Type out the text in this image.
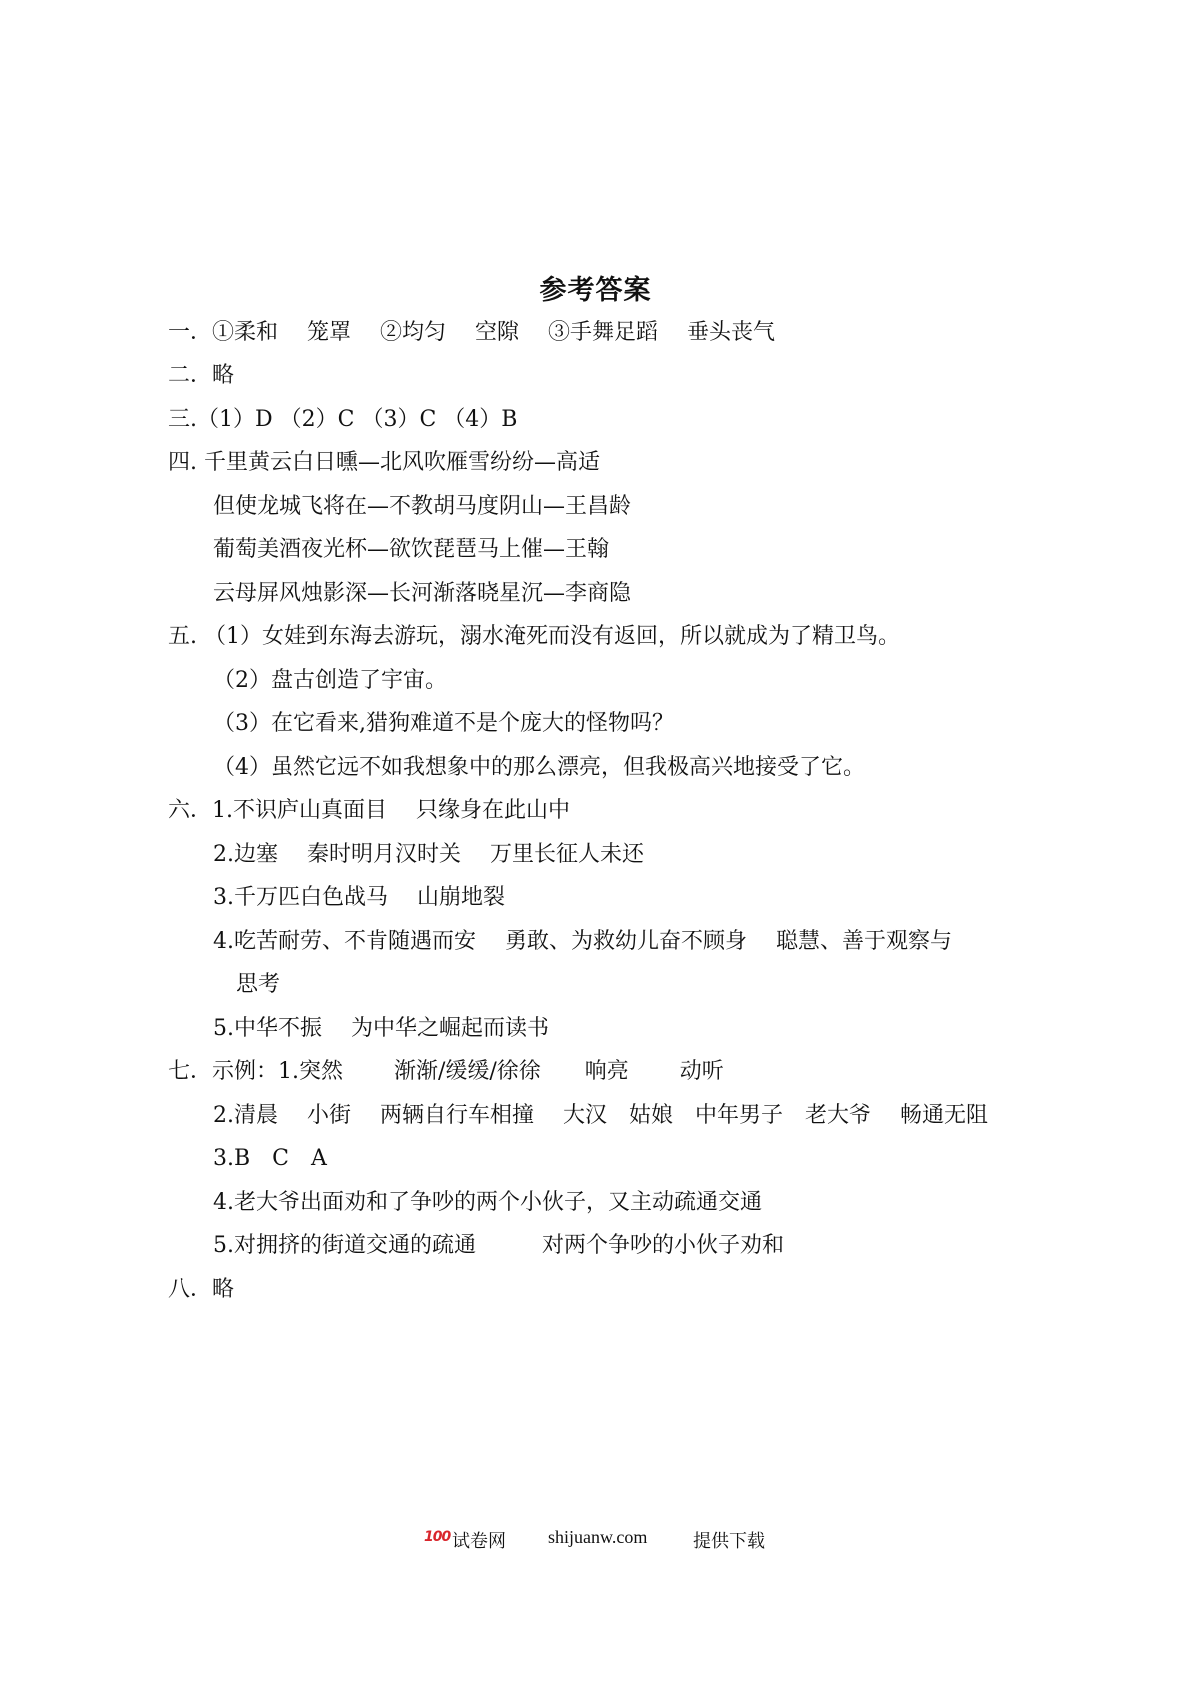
参考答案
一．①柔和　 笼罩　 ②均匀　 空隙　 ③手舞足蹈　 垂头丧气
二．略
三.（1）D （2）C （3）C （4）B
四. 千里黄云白日曛—北风吹雁雪纷纷—高适
但使龙城飞将在—不教胡马度阴山—王昌龄
葡萄美酒夜光杯—欲饮琵琶马上催—王翰
云母屏风烛影深—长河渐落晓星沉—李商隐
五. （1）女娃到东海去游玩，溺水淹死而没有返回，所以就成为了精卫鸟。
（2）盘古创造了宇宙。
（3）在它看来,猎狗难道不是个庞大的怪物吗？
（4）虽然它远不如我想象中的那么漂亮，但我极高兴地接受了它。
六．1.不识庐山真面目　 只缘身在此山中
2.边塞　 秦时明月汉时关　 万里长征人未还
3.千万匹白色战马　 山崩地裂
4.吃苦耐劳、不肯随遇而安　 勇敢、为救幼儿奋不顾身　 聪慧、善于观察与
思考
5.中华不振　 为中华之崛起而读书
七．示例：1.突然　　 渐渐/缓缓/徐徐　　响亮　　 动听
2.清晨　 小街　 两辆自行车相撞　 大汉　姑娘　中年男子　老大爷　 畅通无阻
3.B　C　A
4.老大爷出面劝和了争吵的两个小伙子，又主动疏通交通
5.对拥挤的街道交通的疏通　　　对两个争吵的小伙子劝和
八．略
100 试卷网 shijuanw.com	提供下载
